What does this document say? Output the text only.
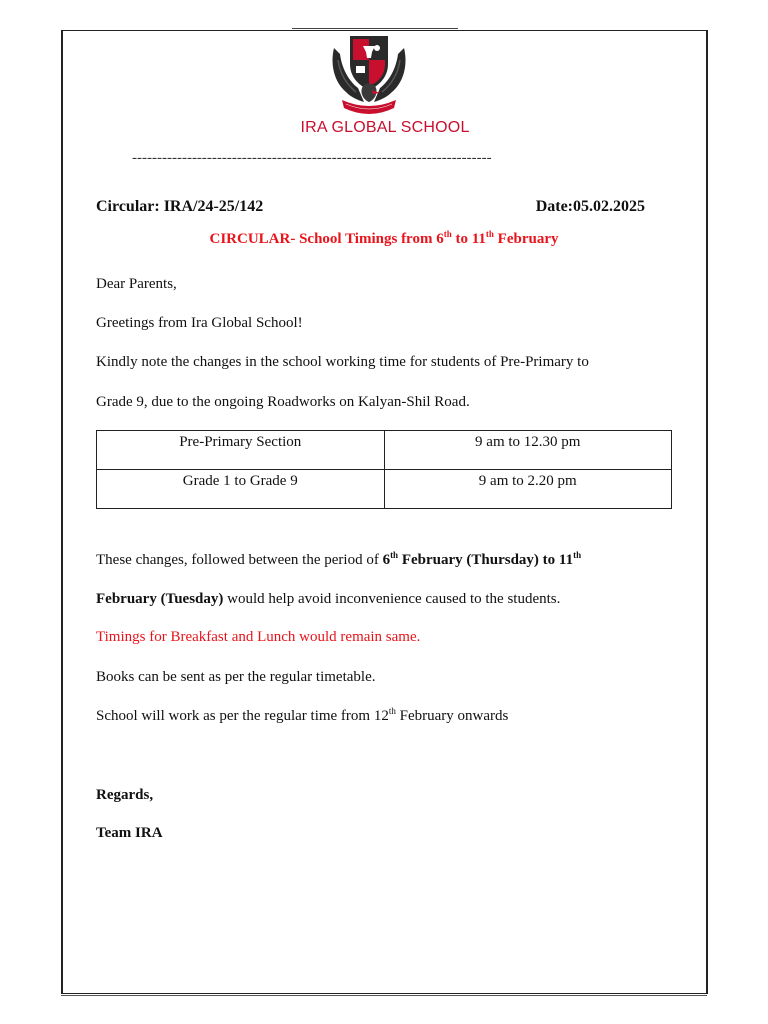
IRA GLOBAL SCHOOL
------------------------------------------------------------------------
Circular: IRA/24-25/142	Date:05.02.2025
CIRCULAR- School Timings from 6th to 11th February
Dear Parents,
Greetings from Ira Global School!
Kindly note the changes in the school working time for students of Pre-Primary to
Grade 9, due to the ongoing Roadworks on Kalyan-Shil Road.
Pre-Primary Section	9 am to 12.30 pm
Grade 1 to Grade 9	9 am to 2.20 pm
These changes, followed between the period of 6th February (Thursday) to 11th
February (Tuesday) would help avoid inconvenience caused to the students.
Timings for Breakfast and Lunch would remain same.
Books can be sent as per the regular timetable.
School will work as per the regular time from 12th February onwards
Regards,
Team IRA
